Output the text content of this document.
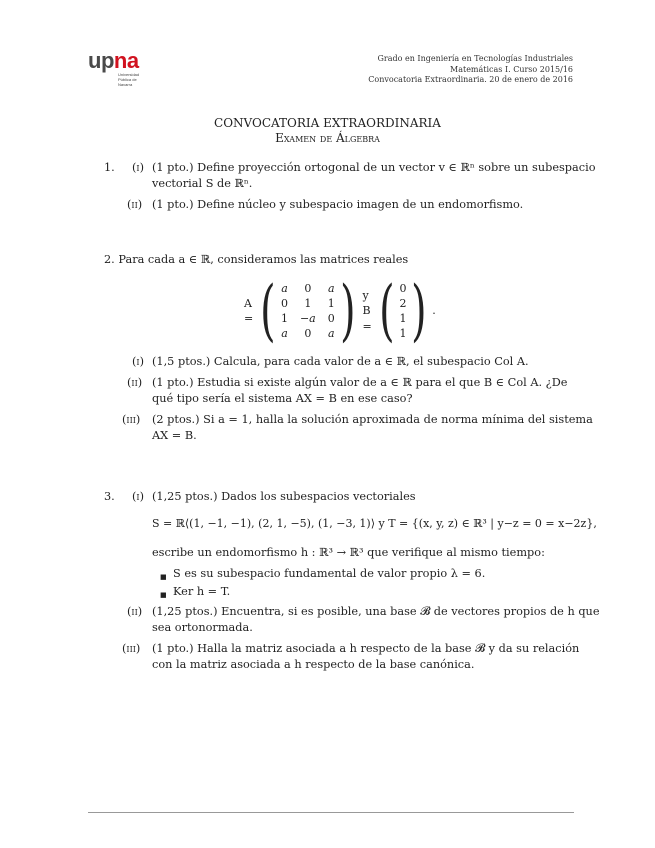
upna
Universidad
Pública de
Navarra
Grado en Ingeniería en Tecnologías Industriales
Matemáticas I. Curso 2015/16
Convocatoria Extraordinaria. 20 de enero de 2016
CONVOCATORIA EXTRAORDINARIA
Examen de Álgebra
1. (i) (1 pto.) Define proyección ortogonal de un vector v ∈ ℝⁿ sobre un subespacio
vectorial S de ℝⁿ.
(ii) (1 pto.) Define núcleo y subespacio imagen de un endomorfismo.
2. Para cada a ∈ ℝ, consideramos las matrices reales
A = ( a	0	a
0	1	1
1 −a 0
a	0	a ) y B = ( 0
2
1
1 ) .
(i) (1,5 ptos.) Calcula, para cada valor de a ∈ ℝ, el subespacio Col A.
(ii) (1 pto.) Estudia si existe algún valor de a ∈ ℝ para el que B ∈ Col A. ¿De
qué tipo sería el sistema AX = B en ese caso?
(iii) (2 ptos.) Si a = 1, halla la solución aproximada de norma mínima del sistema
AX = B.
3. (i) (1,25 ptos.) Dados los subespacios vectoriales
S = ℝ⟨(1, −1, −1), (2, 1, −5), (1, −3, 1)⟩ y T = {(x, y, z) ∈ ℝ³ | y−z = 0 = x−2z},
escribe un endomorfismo h : ℝ³ → ℝ³ que verifique al mismo tiempo:
■ S es su subespacio fundamental de valor propio λ = 6.
■ Ker h = T.
(ii) (1,25 ptos.) Encuentra, si es posible, una base 𝓑 de vectores propios de h que
sea ortonormada.
(iii) (1 pto.) Halla la matriz asociada a h respecto de la base 𝓑 y da su relación
con la matriz asociada a h respecto de la base canónica.
